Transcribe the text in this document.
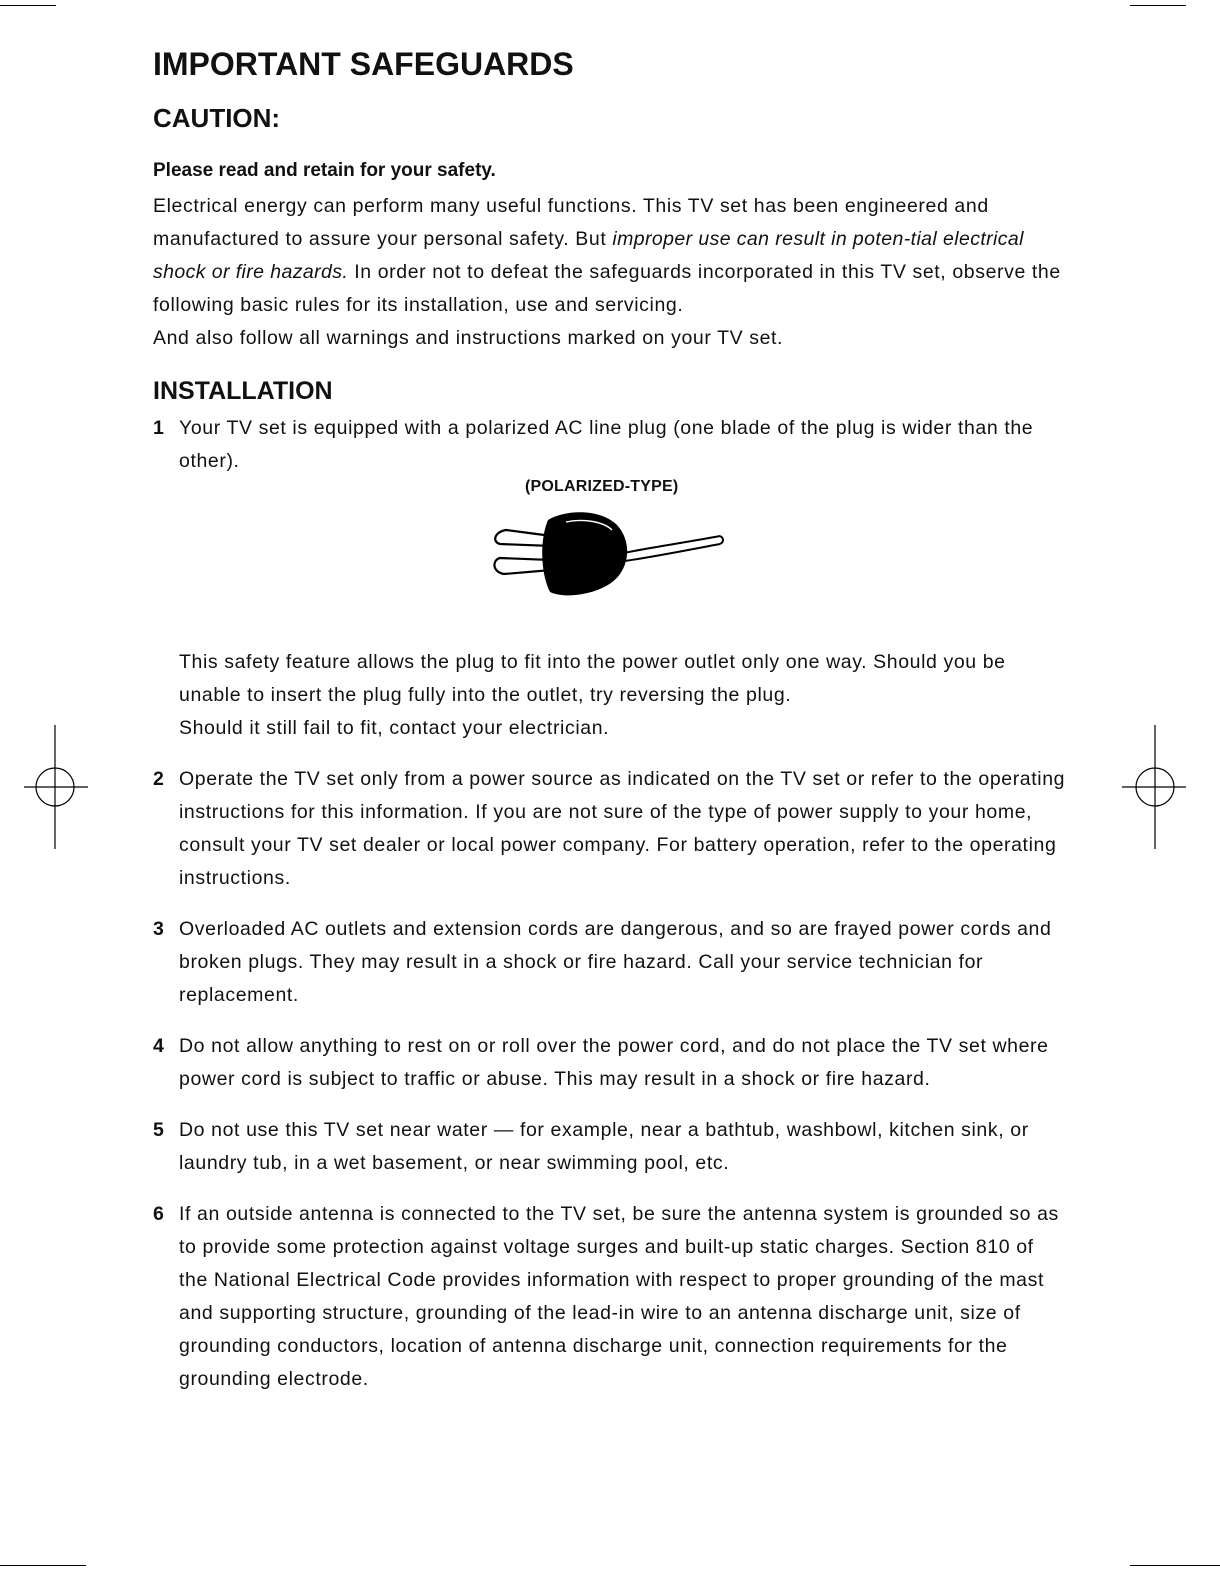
IMPORTANT SAFEGUARDS
CAUTION:

Please read and retain for your safety.

Electrical energy can perform many useful functions. This TV set has been engineered and manufactured to assure your personal safety. But improper use can result in poten-tial electrical shock or fire hazards. In order not to defeat the safeguards incorporated in this TV set, observe the following basic rules for its installation, use and servicing.

And also follow all warnings and instructions marked on your TV set.

INSTALLATION
1 Your TV set is equipped with a polarized AC line plug (one blade of the plug is wider than the other).
(POLARIZED-TYPE)

This safety feature allows the plug to fit into the power outlet only one way. Should you be unable to insert the plug fully into the outlet, try reversing the plug.

Should it still fail to fit, contact your electrician.

2 Operate the TV set only from a power source as indicated on the TV set or refer to the operating instructions for this information. If you are not sure of the type of power supply to your home, consult your TV set dealer or local power company. For battery operation, refer to the operating instructions.
3 Overloaded AC outlets and extension cords are dangerous, and so are frayed power cords and broken plugs. They may result in a shock or fire hazard. Call your service technician for replacement.
4 Do not allow anything to rest on or roll over the power cord, and do not place the TV set where power cord is subject to traffic or abuse. This may result in a shock or fire hazard.
5 Do not use this TV set near water — for example, near a bathtub, washbowl, kitchen sink, or laundry tub, in a wet basement, or near swimming pool, etc.
6 If an outside antenna is connected to the TV set, be sure the antenna system is grounded so as to provide some protection against voltage surges and built-up static charges. Section 810 of the National Electrical Code provides information with respect to proper grounding of the mast and supporting structure, grounding of the lead-in wire to an antenna discharge unit, size of grounding conductors, location of antenna discharge unit, connection requirements for the grounding electrode.
